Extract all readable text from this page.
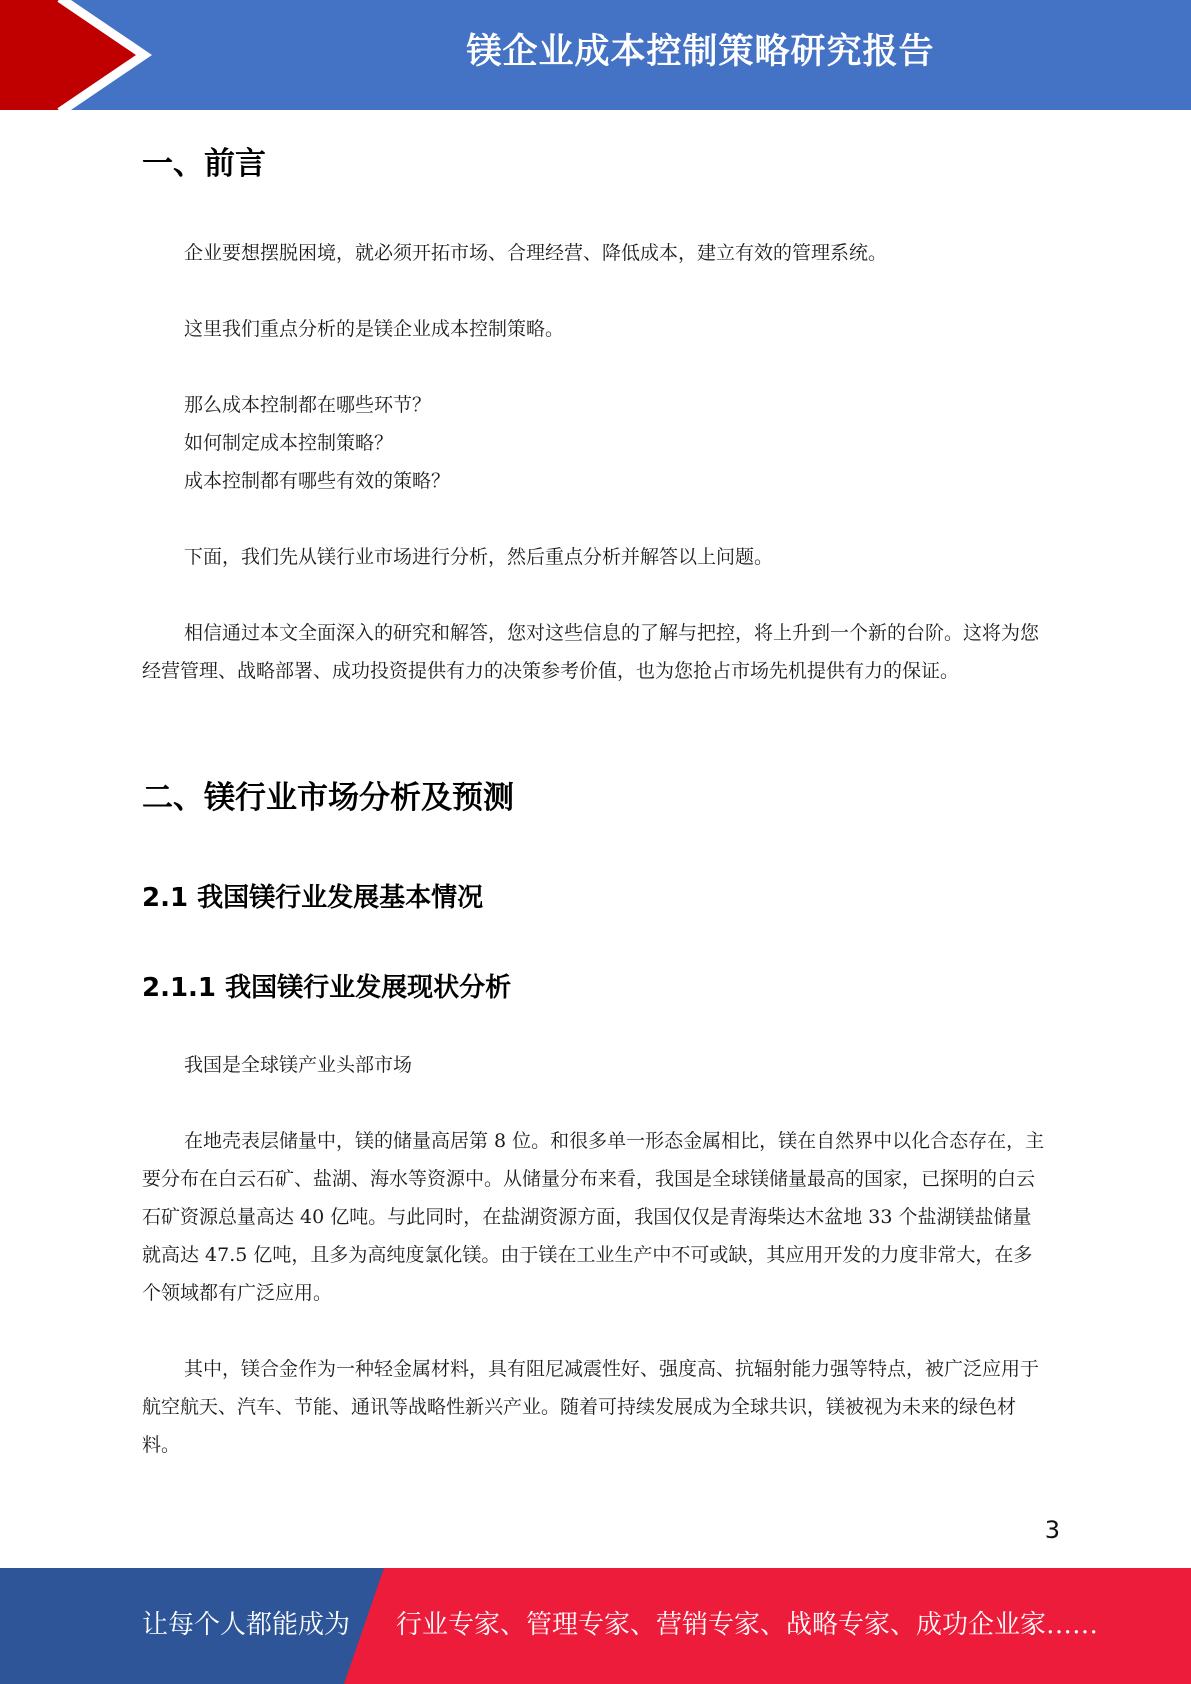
镁企业成本控制策略研究报告
一、前言

企业要想摆脱困境，就必须开拓市场、合理经营、降低成本，建立有效的管理系统。

这里我们重点分析的是镁企业成本控制策略。

那么成本控制都在哪些环节？
如何制定成本控制策略？
成本控制都有哪些有效的策略？

下面，我们先从镁行业市场进行分析，然后重点分析并解答以上问题。

相信通过本文全面深入的研究和解答，您对这些信息的了解与把控，将上升到一个新的台阶。这将为您经营管理、战略部署、成功投资提供有力的决策参考价值，也为您抢占市场先机提供有力的保证。

二、镁行业市场分析及预测
2.1 我国镁行业发展基本情况
2.1.1 我国镁行业发展现状分析

我国是全球镁产业头部市场

在地壳表层储量中，镁的储量高居第 8 位。和很多单一形态金属相比，镁在自然界中以化合态存在，主要分布在白云石矿、盐湖、海水等资源中。从储量分布来看，我国是全球镁储量最高的国家，已探明的白云石矿资源总量高达 40 亿吨。与此同时，在盐湖资源方面，我国仅仅是青海柴达木盆地 33 个盐湖镁盐储量就高达 47.5 亿吨，且多为高纯度氯化镁。由于镁在工业生产中不可或缺，其应用开发的力度非常大，在多个领域都有广泛应用。

其中，镁合金作为一种轻金属材料，具有阻尼减震性好、强度高、抗辐射能力强等特点，被广泛应用于航空航天、汽车、节能、通讯等战略性新兴产业。随着可持续发展成为全球共识，镁被视为未来的绿色材料。

3
让每个人都能成为 行业专家、管理专家、营销专家、战略专家、成功企业家……
